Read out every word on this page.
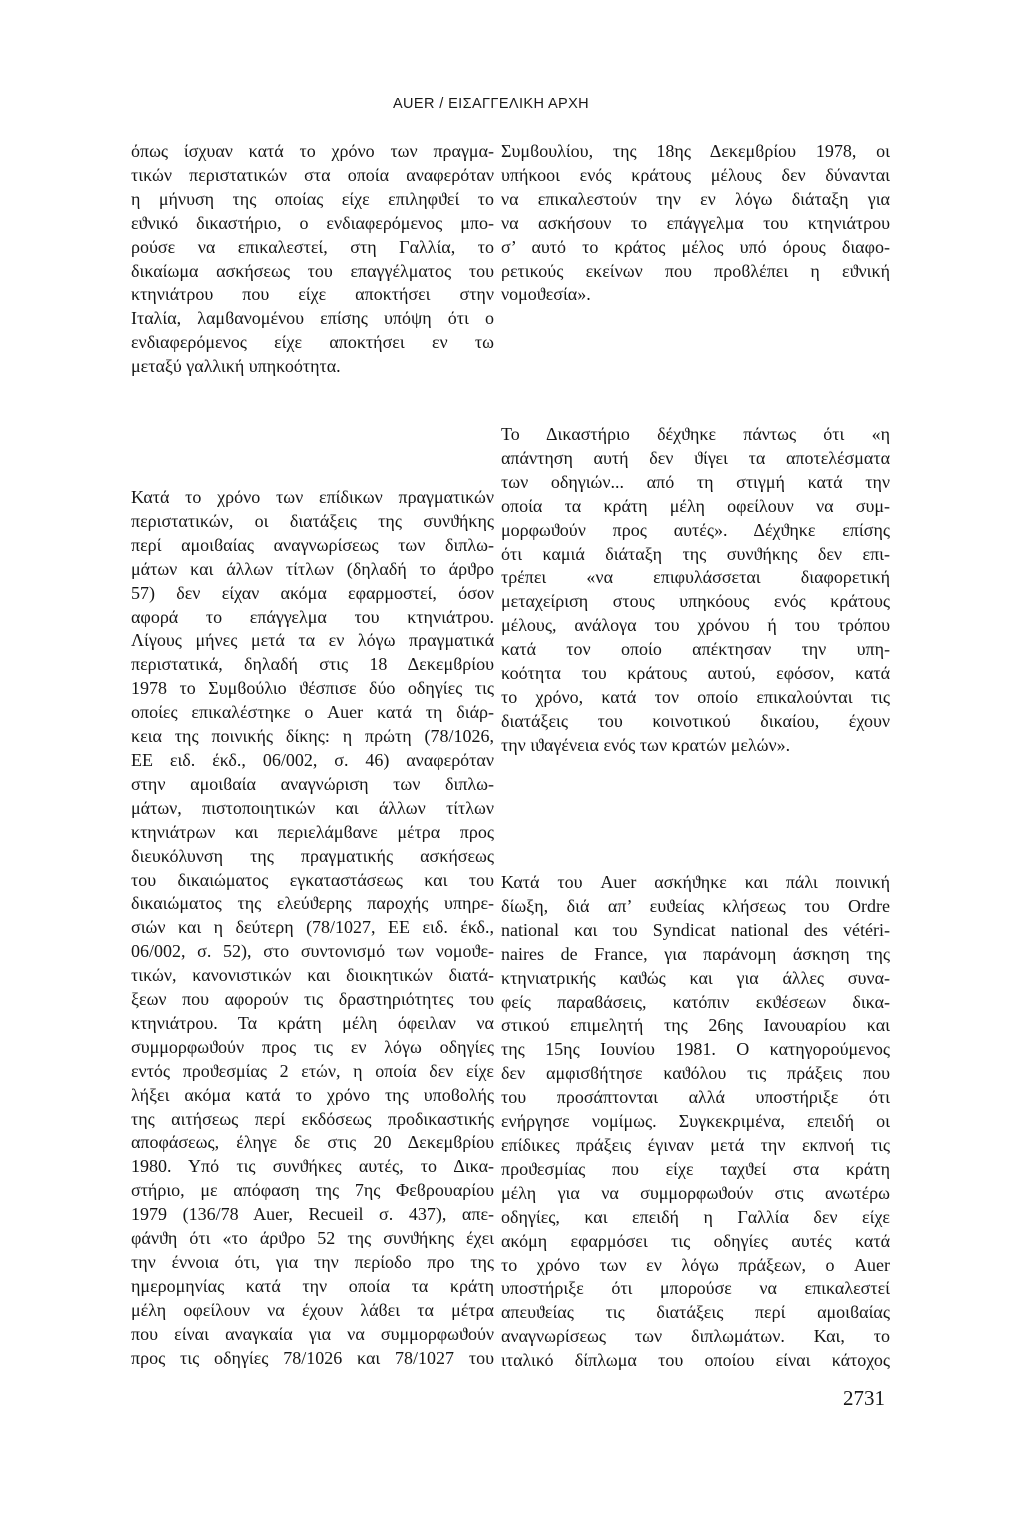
AUER / ΕΙΣΑΓΓΕΛΙΚΗ ΑΡΧΗ
όπως ίσχυαν κατά το χρόνο των πραγμα-
τικών περιστατικών στα οποία αναφερόταν
η μήνυση της οποίας είχε επιληφϑεί το
εϑνικό δικαστήριο, ο ενδιαφερόμενος μπο-
ρούσε να επικαλεστεί, στη Γαλλία, το
δικαίωμα ασκήσεως του επαγγέλματος του
κτηνιάτρου που είχε αποκτήσει στην
Ιταλία, λαμϐανομένου επίσης υπόψη ότι ο
ενδιαφερόμενος είχε αποκτήσει εν τω
μεταξύ γαλλική υπηκοότητα.
Κατά το χρόνο των επίδικων πραγματικών
περιστατικών, οι διατάξεις της συνϑήκης
περί αμοιϐαίας αναγνωρίσεως των διπλω-
μάτων και άλλων τίτλων (δηλαδή το άρϑρο
57) δεν είχαν ακόμα εφαρμοστεί, όσον
αφορά το επάγγελμα του κτηνιάτρου.
Λίγους μήνες μετά τα εν λόγω πραγματικά
περιστατικά, δηλαδή στις 18 Δεκεμϐρίου
1978 το Συμϐούλιο ϑέσπισε δύο οδηγίες τις
οποίες επικαλέστηκε ο Auer κατά τη διάρ-
κεια της ποινικής δίκης: η πρώτη (78/1026,
ΕΕ ειδ. έκδ., 06/002, σ. 46) αναφερόταν
στην αμοιϐαία αναγνώριση των διπλω-
μάτων, πιστοποιητικών και άλλων τίτλων
κτηνιάτρων και περιελάμϐανε μέτρα προς
διευκόλυνση της πραγματικής ασκήσεως
του δικαιώματος εγκαταστάσεως και του
δικαιώματος της ελεύϑερης παροχής υπηρε-
σιών και η δεύτερη (78/1027, ΕΕ ειδ. έκδ.,
06/002, σ. 52), στο συντονισμό των νομοϑε-
τικών, κανονιστικών και διοικητικών διατά-
ξεων που αφορούν τις δραστηριότητες του
κτηνιάτρου. Τα κράτη μέλη όφειλαν να
συμμορφωϑούν προς τις εν λόγω οδηγίες
εντός προϑεσμίας 2 ετών, η οποία δεν είχε
λήξει ακόμα κατά το χρόνο της υποϐολής
της αιτήσεως περί εκδόσεως προδικαστικής
αποφάσεως, έληγε δε στις 20 Δεκεμϐρίου
1980. Υπό τις συνϑήκες αυτές, το Δικα-
στήριο, με απόφαση της 7ης Φεϐρουαρίου
1979 (136/78 Auer, Recueil σ. 437), απε-
φάνϑη ότι «το άρϑρο 52 της συνϑήκης έχει
την έννοια ότι, για την περίοδο προ της
ημερομηνίας κατά την οποία τα κράτη
μέλη οφείλουν να έχουν λάϐει τα μέτρα
που είναι αναγκαία για να συμμορφωϑούν
προς τις οδηγίες 78/1026 και 78/1027 του
Συμϐουλίου, της 18ης Δεκεμϐρίου 1978, οι
υπήκοοι ενός κράτους μέλους δεν δύνανται
να επικαλεστούν την εν λόγω διάταξη για
να ασκήσουν το επάγγελμα του κτηνιάτρου
σ’ αυτό το κράτος μέλος υπό όρους διαφο-
ρετικούς εκείνων που προϐλέπει η εϑνική
νομοϑεσία».
Το Δικαστήριο δέχϑηκε πάντως ότι «η
απάντηση αυτή δεν ϑίγει τα αποτελέσματα
των οδηγιών... από τη στιγμή κατά την
οποία τα κράτη μέλη οφείλουν να συμ-
μορφωϑούν προς αυτές». Δέχϑηκε επίσης
ότι καμιά διάταξη της συνϑήκης δεν επι-
τρέπει «να επιφυλάσσεται διαφορετική
μεταχείριση στους υπηκόους ενός κράτους
μέλους, ανάλογα του χρόνου ή του τρόπου
κατά τον οποίο απέκτησαν την υπη-
κοότητα του κράτους αυτού, εφόσον, κατά
το χρόνο, κατά τον οποίο επικαλούνται τις
διατάξεις του κοινοτικού δικαίου, έχουν
την ιϑαγένεια ενός των κρατών μελών».
Κατά του Auer ασκήϑηκε και πάλι ποινική
δίωξη, διά απ’ ευϑείας κλήσεως του Ordre
national και του Syndicat national des vétéri-
naires de France, για παράνομη άσκηση της
κτηνιατρικής καϑώς και για άλλες συνα-
φείς παραϐάσεις, κατόπιν εκϑέσεων δικα-
στικού επιμελητή της 26ης Ιανουαρίου και
της 15ης Ιουνίου 1981. Ο κατηγορούμενος
δεν αμφισϐήτησε καϑόλου τις πράξεις που
του προσάπτονται αλλά υποστήριξε ότι
ενήργησε νομίμως. Συγκεκριμένα, επειδή οι
επίδικες πράξεις έγιναν μετά την εκπνοή τις
προϑεσμίας που είχε ταχϑεί στα κράτη
μέλη για να συμμορφωϑούν στις ανωτέρω
οδηγίες, και επειδή η Γαλλία δεν είχε
ακόμη εφαρμόσει τις οδηγίες αυτές κατά
το χρόνο των εν λόγω πράξεων, ο Auer
υποστήριξε ότι μπορούσε να επικαλεστεί
απευϑείας τις διατάξεις περί αμοιϐαίας
αναγνωρίσεως των διπλωμάτων. Και, το
ιταλικό δίπλωμα του οποίου είναι κάτοχος
2731
